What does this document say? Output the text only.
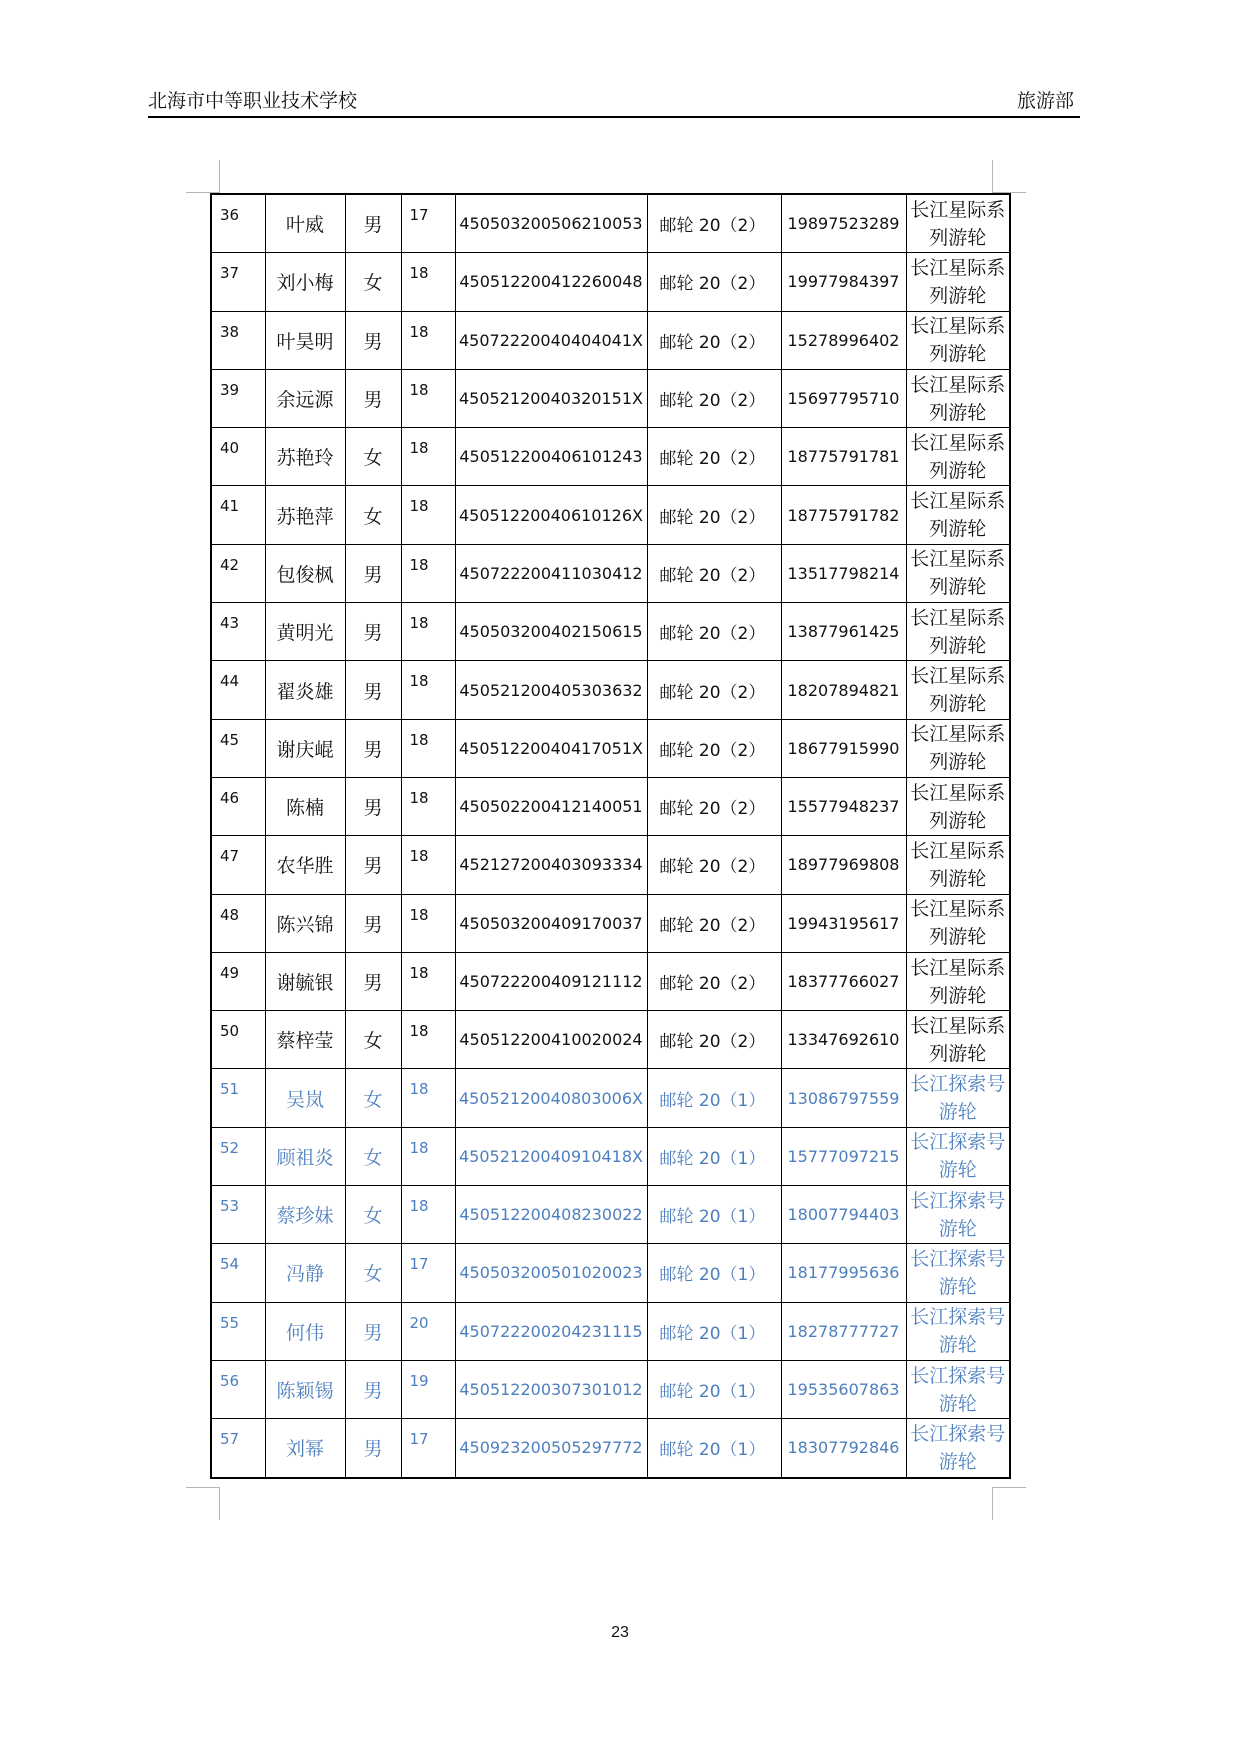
北海市中等职业技术学校	旅游部
36	叶威	男	17	450503200506210053	邮轮 20（2）	19897523289	长江星际系列游轮
37	刘小梅	女	18	450512200412260048	邮轮 20（2）	19977984397	长江星际系列游轮
38	叶昊明	男	18	45072220040404041X	邮轮 20（2）	15278996402	长江星际系列游轮
39	余远源	男	18	45052120040320151X	邮轮 20（2）	15697795710	长江星际系列游轮
40	苏艳玲	女	18	450512200406101243	邮轮 20（2）	18775791781	长江星际系列游轮
41	苏艳萍	女	18	45051220040610126X	邮轮 20（2）	18775791782	长江星际系列游轮
42	包俊枫	男	18	450722200411030412	邮轮 20（2）	13517798214	长江星际系列游轮
43	黄明光	男	18	450503200402150615	邮轮 20（2）	13877961425	长江星际系列游轮
44	翟炎雄	男	18	450521200405303632	邮轮 20（2）	18207894821	长江星际系列游轮
45	谢庆崐	男	18	45051220040417051X	邮轮 20（2）	18677915990	长江星际系列游轮
46	陈楠	男	18	450502200412140051	邮轮 20（2）	15577948237	长江星际系列游轮
47	农华胜	男	18	452127200403093334	邮轮 20（2）	18977969808	长江星际系列游轮
48	陈兴锦	男	18	450503200409170037	邮轮 20（2）	19943195617	长江星际系列游轮
49	谢毓银	男	18	450722200409121112	邮轮 20（2）	18377766027	长江星际系列游轮
50	蔡梓莹	女	18	450512200410020024	邮轮 20（2）	13347692610	长江星际系列游轮
51	吴岚	女	18	45052120040803006X	邮轮 20（1）	13086797559	长江探索号游轮
52	顾祖炎	女	18	45052120040910418X	邮轮 20（1）	15777097215	长江探索号游轮
53	蔡珍妹	女	18	450512200408230022	邮轮 20（1）	18007794403	长江探索号游轮
54	冯静	女	17	450503200501020023	邮轮 20（1）	18177995636	长江探索号游轮
55	何伟	男	20	450722200204231115	邮轮 20（1）	18278777727	长江探索号游轮
56	陈颖锡	男	19	450512200307301012	邮轮 20（1）	19535607863	长江探索号游轮
57	刘幂	男	17	450923200505297772	邮轮 20（1）	18307792846	长江探索号游轮
23
